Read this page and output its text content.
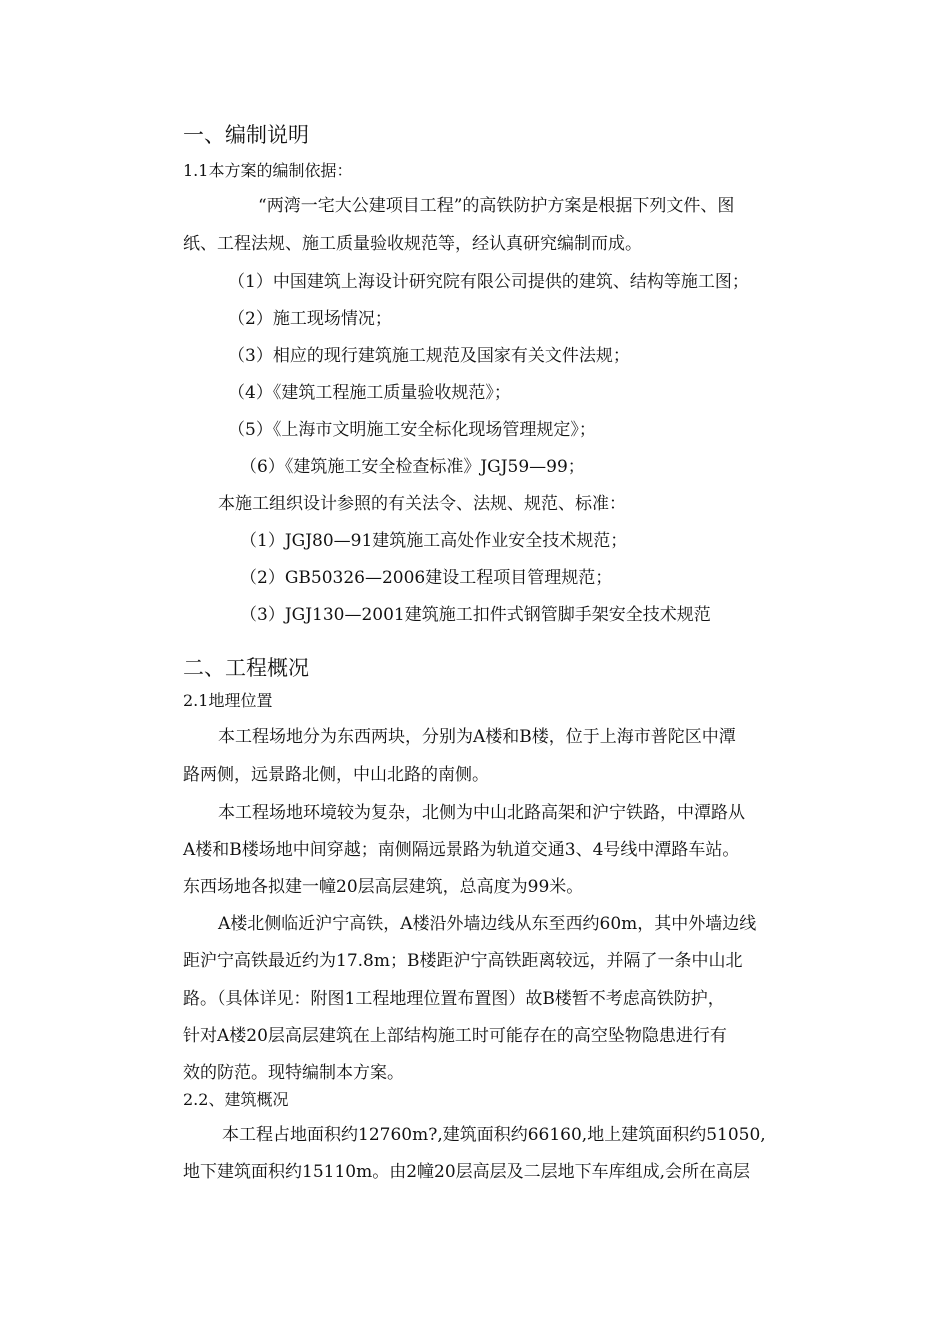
一、编制说明
1.1本方案的编制依据：
“两湾一宅大公建项目工程”的高铁防护方案是根据下列文件、图
纸、工程法规、施工质量验收规范等，经认真研究编制而成。
（1）中国建筑上海设计研究院有限公司提供的建筑、结构等施工图；
（2）施工现场情况；
（3）相应的现行建筑施工规范及国家有关文件法规；
（4）《建筑工程施工质量验收规范》；
（5）《上海市文明施工安全标化现场管理规定》；
（6）《建筑施工安全检查标准》JGJ59—99；
本施工组织设计参照的有关法令、法规、规范、标准：
（1）JGJ80—91建筑施工高处作业安全技术规范；
（2）GB50326—2006建设工程项目管理规范；
（3）JGJ130—2001建筑施工扣件式钢管脚手架安全技术规范
二、工程概况
2.1地理位置
本工程场地分为东西两块，分别为A楼和B楼，位于上海市普陀区中潭
路两侧，远景路北侧，中山北路的南侧。
本工程场地环境较为复杂，北侧为中山北路高架和沪宁铁路，中潭路从
A楼和B楼场地中间穿越；南侧隔远景路为轨道交通3、4号线中潭路车站。
东西场地各拟建一幢20层高层建筑，总高度为99米。
A楼北侧临近沪宁高铁，A楼沿外墙边线从东至西约60m，其中外墙边线
距沪宁高铁最近约为17.8m；B楼距沪宁高铁距离较远，并隔了一条中山北
路。（具体详见：附图1工程地理位置布置图）故B楼暂不考虑高铁防护，
针对A楼20层高层建筑在上部结构施工时可能存在的高空坠物隐患进行有
效的防范。现特编制本方案。
2.2、建筑概况
本工程占地面积约12760m?,建筑面积约66160,地上建筑面积约51050,
地下建筑面积约15110m。由2幢20层高层及二层地下车库组成,会所在高层
